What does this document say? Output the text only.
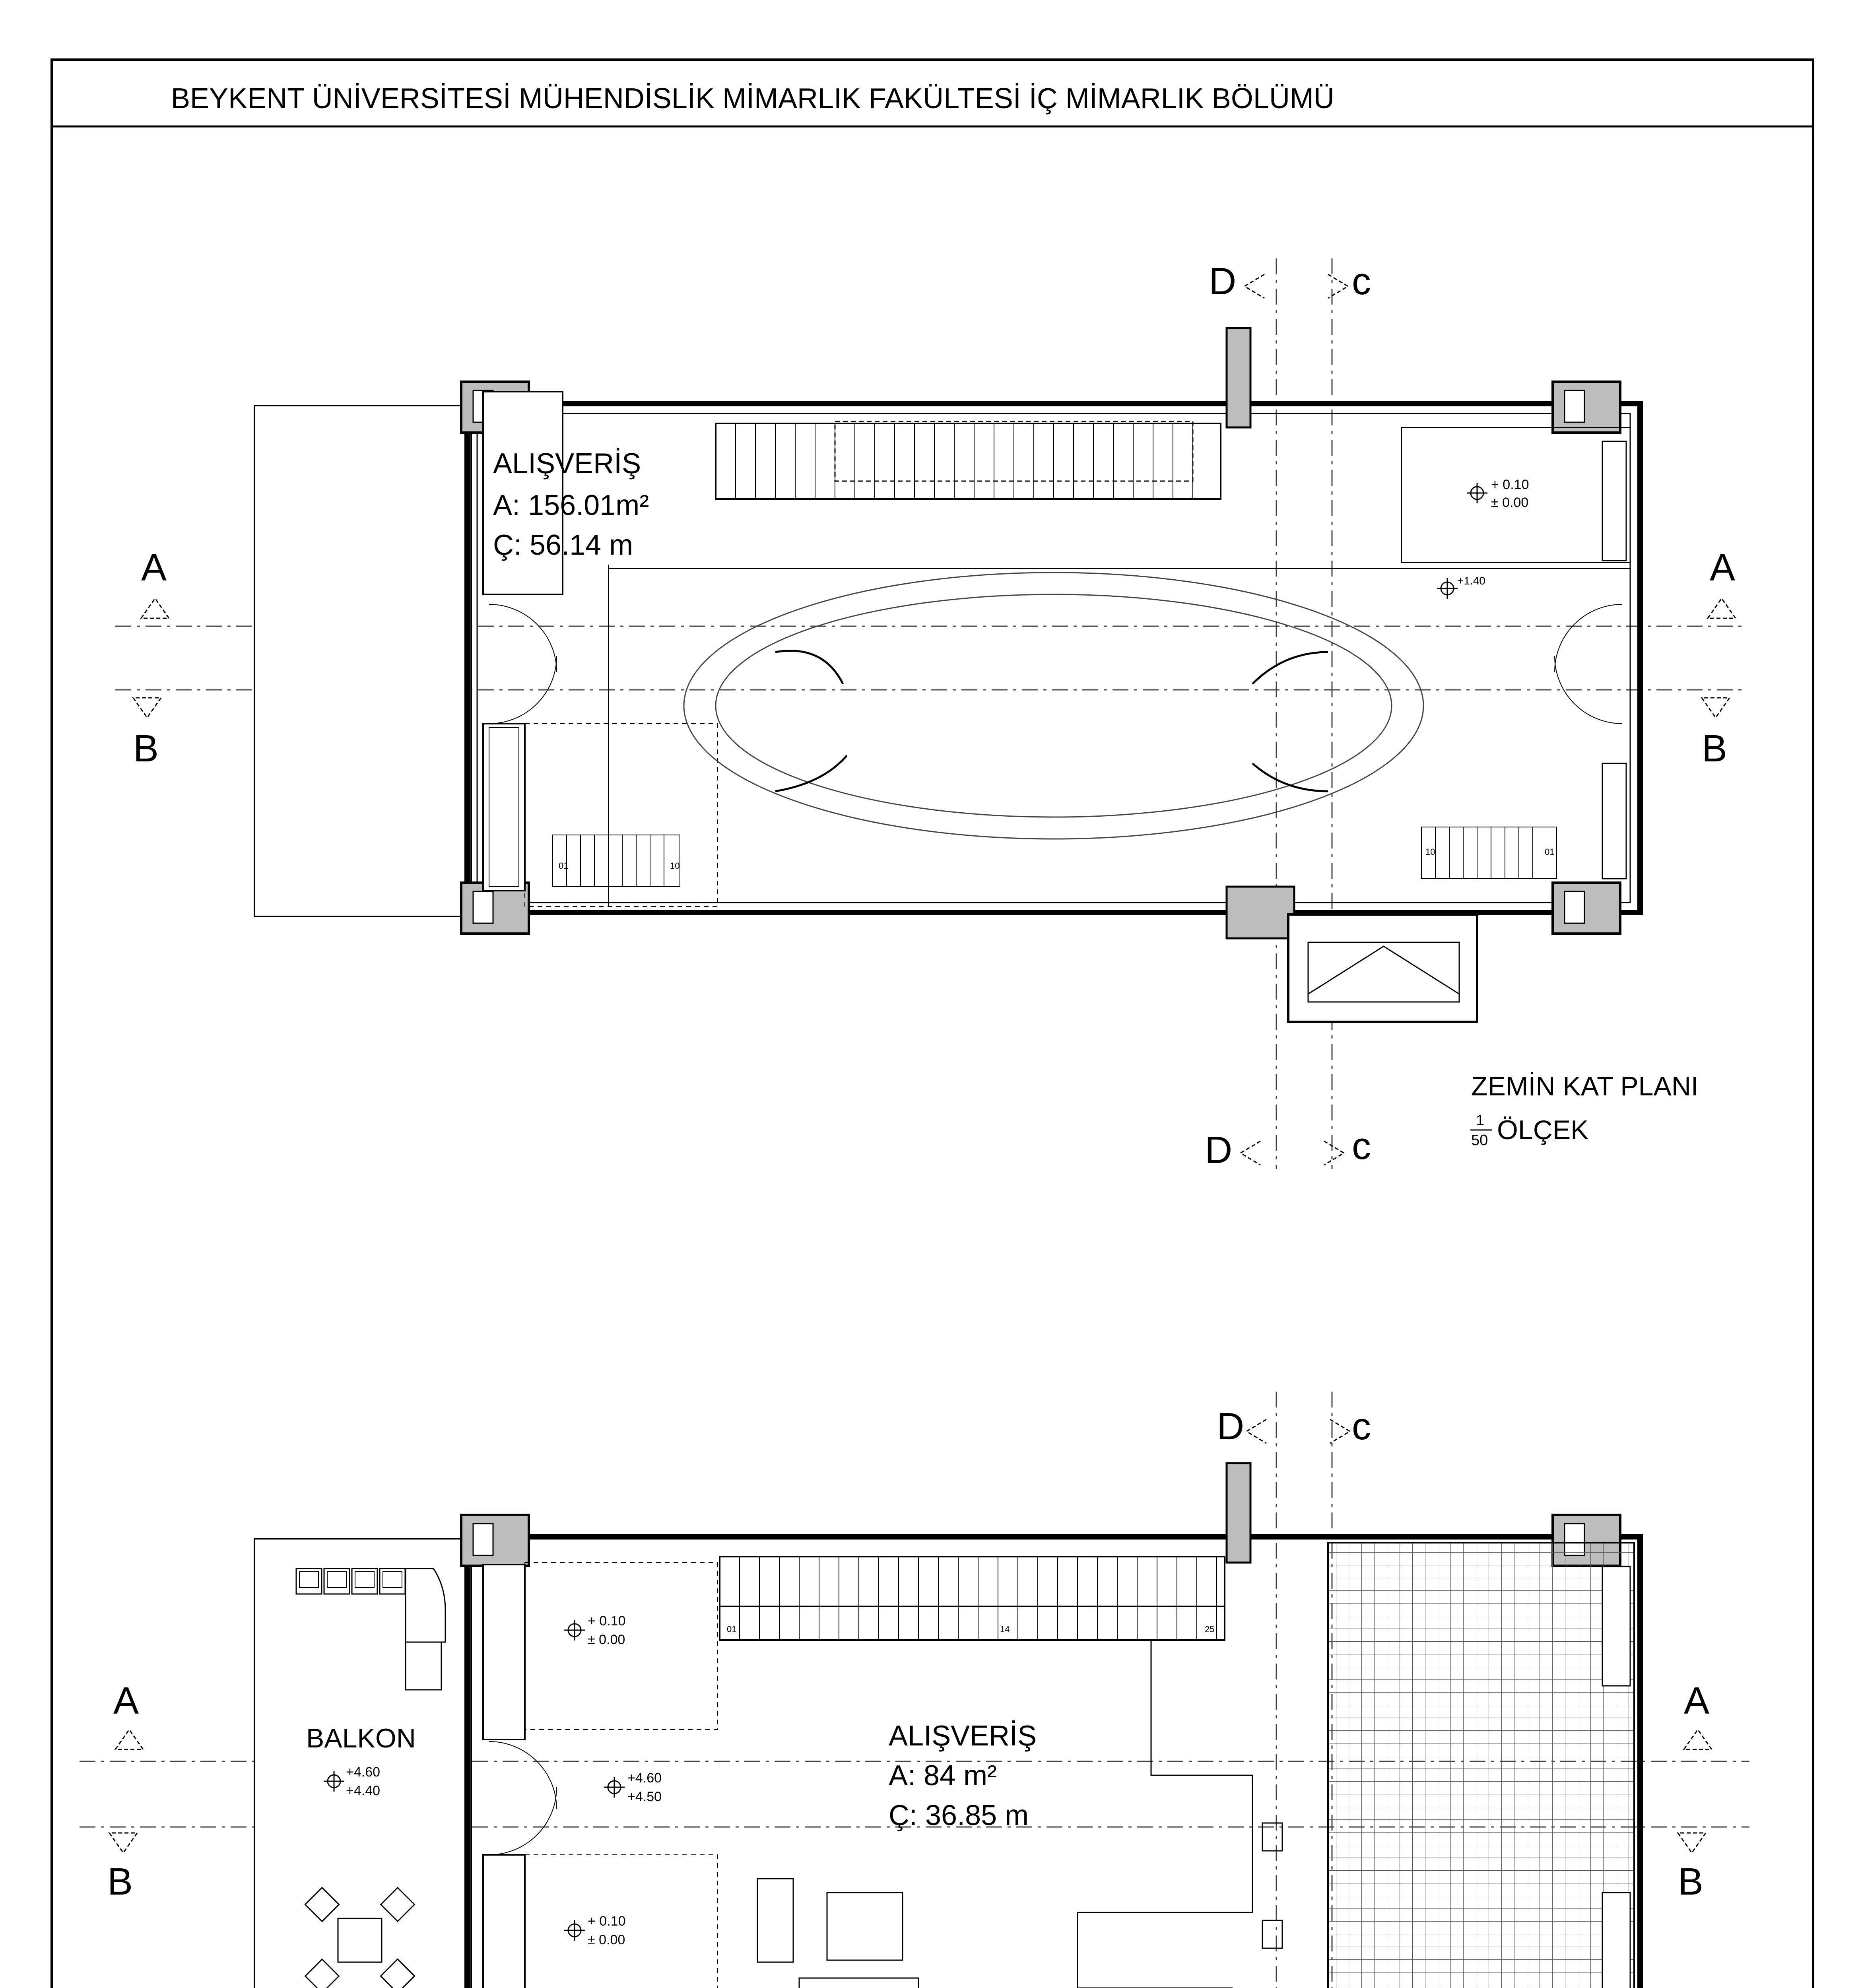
BEYKENT ÜNİVERSİTESİ MÜHENDİSLİK MİMARLIK FAKÜLTESİ İÇ MİMARLIK BÖLÜMÜ
ALIŞVERİŞ
A: 156.01m²
Ç: 56.14 m
+ 0.10
± 0.00
+1.40
01	10
10	01
A	A
B	B
D	c
D	c
ZEMİN KAT PLANI
1
50 ÖLÇEK
01	14	25
ALIŞVERİŞ
A: 84 m²
Ç: 36.85 m
BALKON
+4.60
+4.40
+4.60
+4.50
+ 0.10
± 0.00
+ 0.10
± 0.00
A	A
B	B
D	c
